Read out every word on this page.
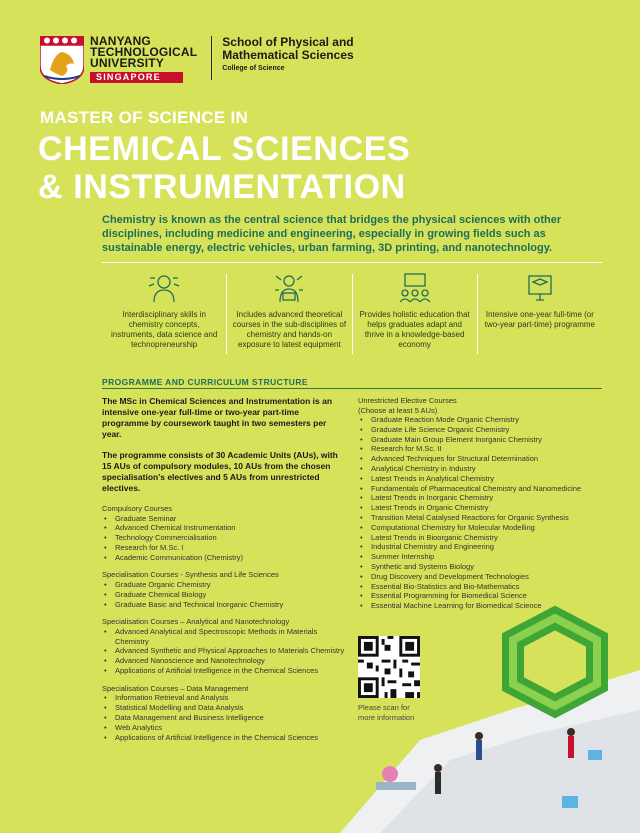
NANYANG
TECHNOLOGICAL
UNIVERSITY
SINGAPORE
School of Physical and
Mathematical Sciences
College of Science
MASTER OF SCIENCE IN
CHEMICAL SCIENCES
& INSTRUMENTATION
Chemistry is known as the central science that bridges the physical sciences with other disciplines, including medicine and engineering, especially in growing fields such as sustainable energy, electric vehicles, urban farming, 3D printing, and nanotechnology.
Interdisciplinary skills in chemistry concepts, instruments, data science and technopreneurship
Includes advanced theoretical courses in the sub-disciplines of chemistry and hands-on exposure to latest equipment
Provides holistic education that helps graduates adapt and thrive in a knowledge-based economy
Intensive one-year full-time (or two-year part-time) programme
PROGRAMME AND CURRICULUM STRUCTURE

The MSc in Chemical Sciences and Instrumentation is an intensive one-year full-time or two-year part-time programme by coursework taught in two semesters per year.

The programme consists of 30 Academic Units (AUs), with 15 AUs of compulsory modules, 10 AUs from the chosen specialisation's electives and 5 AUs from unrestricted electives.

Compulsory Courses
• Graduate Seminar
• Advanced Chemical Instrumentation
• Technology Commercialisation
• Research for M.Sc. I
• Academic Communication (Chemistry)
Specialisation Courses - Synthesis and Life Sciences
• Graduate Organic Chemistry
• Graduate Chemical Biology
• Graduate Basic and Technical Inorganic Chemistry
Specialisation Courses – Analytical and Nanotechnology
• Advanced Analytical and Spectroscopic Methods in Materials Chemistry
• Advanced Synthetic and Physical Approaches to Materials Chemistry
• Advanced Nanoscience and Nanotechnology
• Applications of Artificial Intelligence in the Chemical Sciences
Specialisation Courses – Data Management
• Information Retrieval and Analysis
• Statistical Modelling and Data Analysis
• Data Management and Business Intelligence
• Web Analytics
• Applications of Artificial Intelligence in the Chemical Sciences
Unrestricted Elective Courses
(Choose at least 5 AUs)
• Graduate Reaction Mode Organic Chemistry
• Graduate Life Science Organic Chemistry
• Graduate Main Group Element Inorganic Chemistry
• Research for M.Sc. II
• Advanced Techniques for Structural Determination
• Analytical Chemistry in Industry
• Latest Trends in Analytical Chemistry
• Fundamentals of Pharmaceutical Chemistry and Nanomedicine
• Latest Trends in Inorganic Chemistry
• Latest Trends in Organic Chemistry
• Transition Metal Catalysed Reactions for Organic Synthesis
• Computational Chemistry for Molecular Modelling
• Latest Trends in Bioorganic Chemistry
• Industrial Chemistry and Engineering
• Summer Internship
• Synthetic and Systems Biology
• Drug Discovery and Development Technologies
• Essential Bio-Statistics and Bio-Mathematics
• Essential Programming for Biomedical Science
• Essential Machine Learning for Biomedical Science
Please scan for more information
